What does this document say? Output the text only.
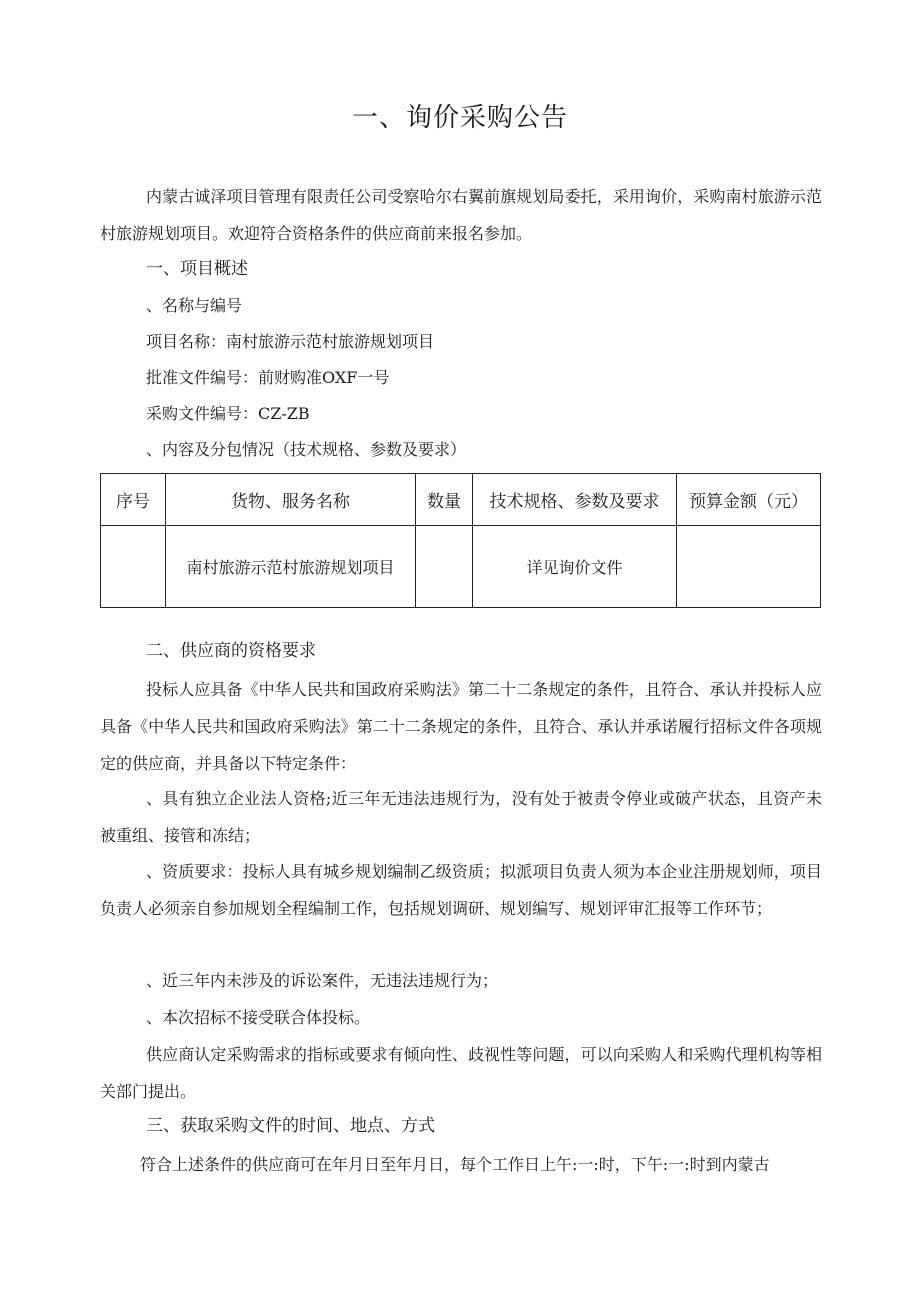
一、询价采购公告

内蒙古诚泽项目管理有限责任公司受察哈尔右翼前旗规划局委托，采用询价，采购南村旅游示范村旅游规划项目。欢迎符合资格条件的供应商前来报名参加。

一、项目概述
、名称与编号
项目名称：南村旅游示范村旅游规划项目
批准文件编号：前财购准OXF一号
采购文件编号：CZ-ZB
、内容及分包情况（技术规格、参数及要求）
序号	货物、服务名称	数量	技术规格、参数及要求	预算金额（元）
	南村旅游示范村旅游规划项目		详见询价文件	
二、供应商的资格要求

投标人应具备《中华人民共和国政府采购法》第二十二条规定的条件，且符合、承认并投标人应具备《中华人民共和国政府采购法》第二十二条规定的条件，且符合、承认并承诺履行招标文件各项规定的供应商，并具备以下特定条件：

、具有独立企业法人资格;近三年无违法违规行为，没有处于被责令停业或破产状态，且资产未被重组、接管和冻结；

、资质要求：投标人具有城乡规划编制乙级资质；拟派项目负责人须为本企业注册规划师，项目负责人必须亲自参加规划全程编制工作，包括规划调研、规划编写、规划评审汇报等工作环节；

、近三年内未涉及的诉讼案件，无违法违规行为；

、本次招标不接受联合体投标。

供应商认定采购需求的指标或要求有倾向性、歧视性等问题，可以向采购人和采购代理机构等相关部门提出。

三、获取采购文件的时间、地点、方式

符合上述条件的供应商可在年月日至年月日，每个工作日上午:一:时，下午:一:时到内蒙古
